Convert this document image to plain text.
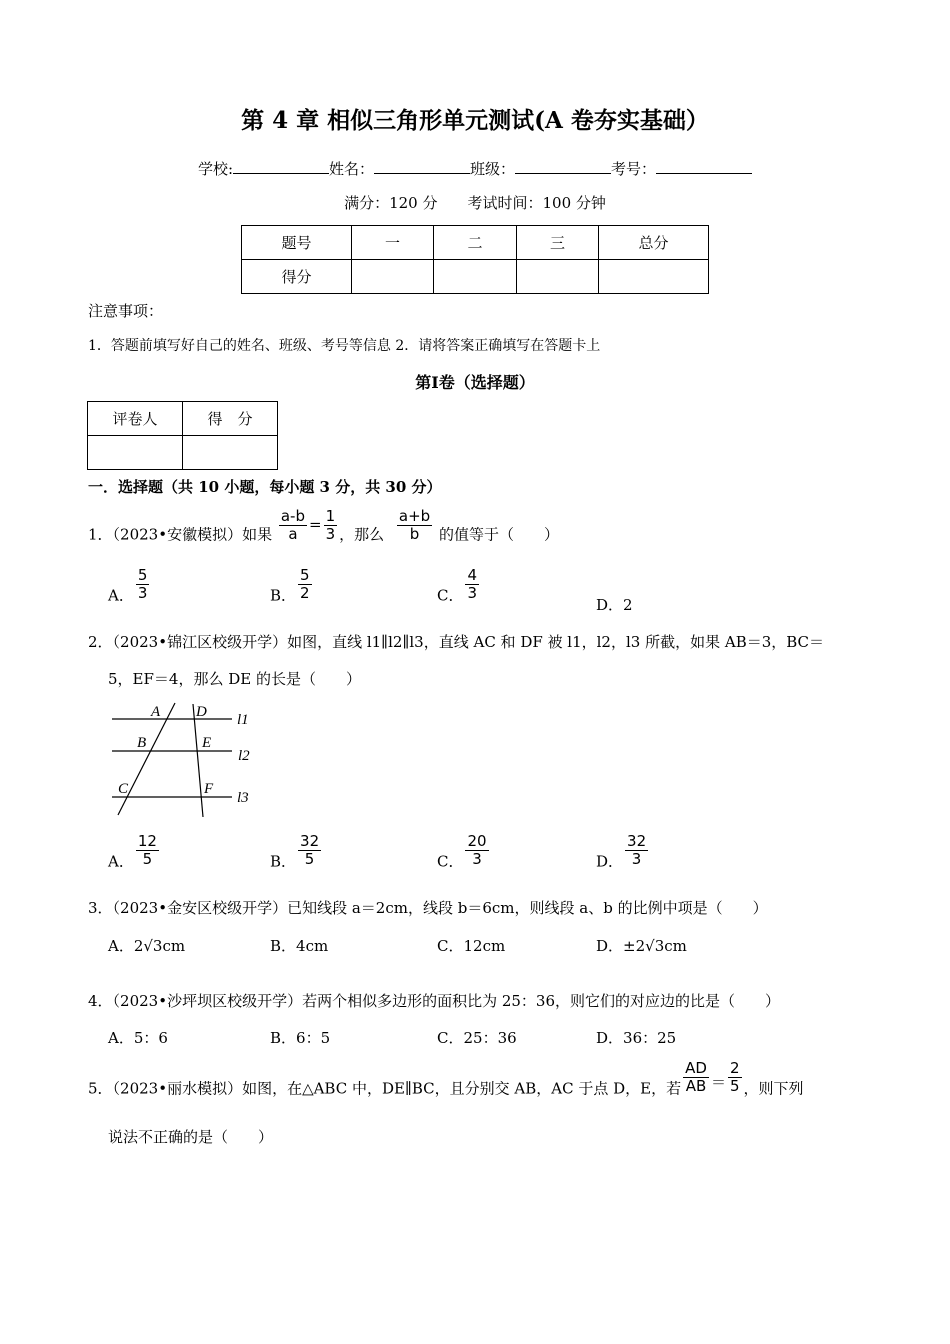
第 4 章 相似三角形单元测试(A 卷夯实基础）
学校:	姓名：	班级：	考号：
满分：120 分   考试时间：100 分钟
题号	一	二	三	总分
得分				
注意事项：
1．答题前填写好自己的姓名、班级、考号等信息 2．请将答案正确填写在答题卡上
第Ⅰ卷（选择题）
评卷人	得　分

一．选择题（共 10 小题，每小题 3 分，共 30 分）
1．（2023•安徽模拟）如果 $\frac{a-b}{a} = \frac{1}{3}$ ，那么 $\frac{a+b}{b}$ 的值等于（　　）
A． $\frac{5}{3}$	B． $\frac{5}{2}$	C． $\frac{4}{3}$
D．2
2．（2023•锦江区校级开学）如图，直线 l1∥l2∥l3，直线 AC 和 DF 被 l1，l2，l3 所截，如果 AB＝3，BC＝
5，EF＝4，那么 DE 的长是（　　）
A
B
C
D
E
F
l1
l2
l3
A． $\frac{12}{5}$	B． $\frac{32}{5}$	C． $\frac{20}{3}$	D． $\frac{32}{3}$
3．（2023•金安区校级开学）已知线段 a＝2cm，线段 b＝6cm，则线段 a、b 的比例中项是（　　）
A．2√3cm	B．4cm	C．12cm	D．±2√3cm
4．（2023•沙坪坝区校级开学）若两个相似多边形的面积比为 25：36，则它们的对应边的比是（　　）
A．5：6	B．6：5	C．25：36	D．36：25
5．（2023•丽水模拟）如图，在△ABC 中，DE∥BC，且分别交 AB，AC 于点 D，E，若 $\frac{AD}{AB} = \frac{2}{5}$ ，则下列
说法不正确的是（　　）
